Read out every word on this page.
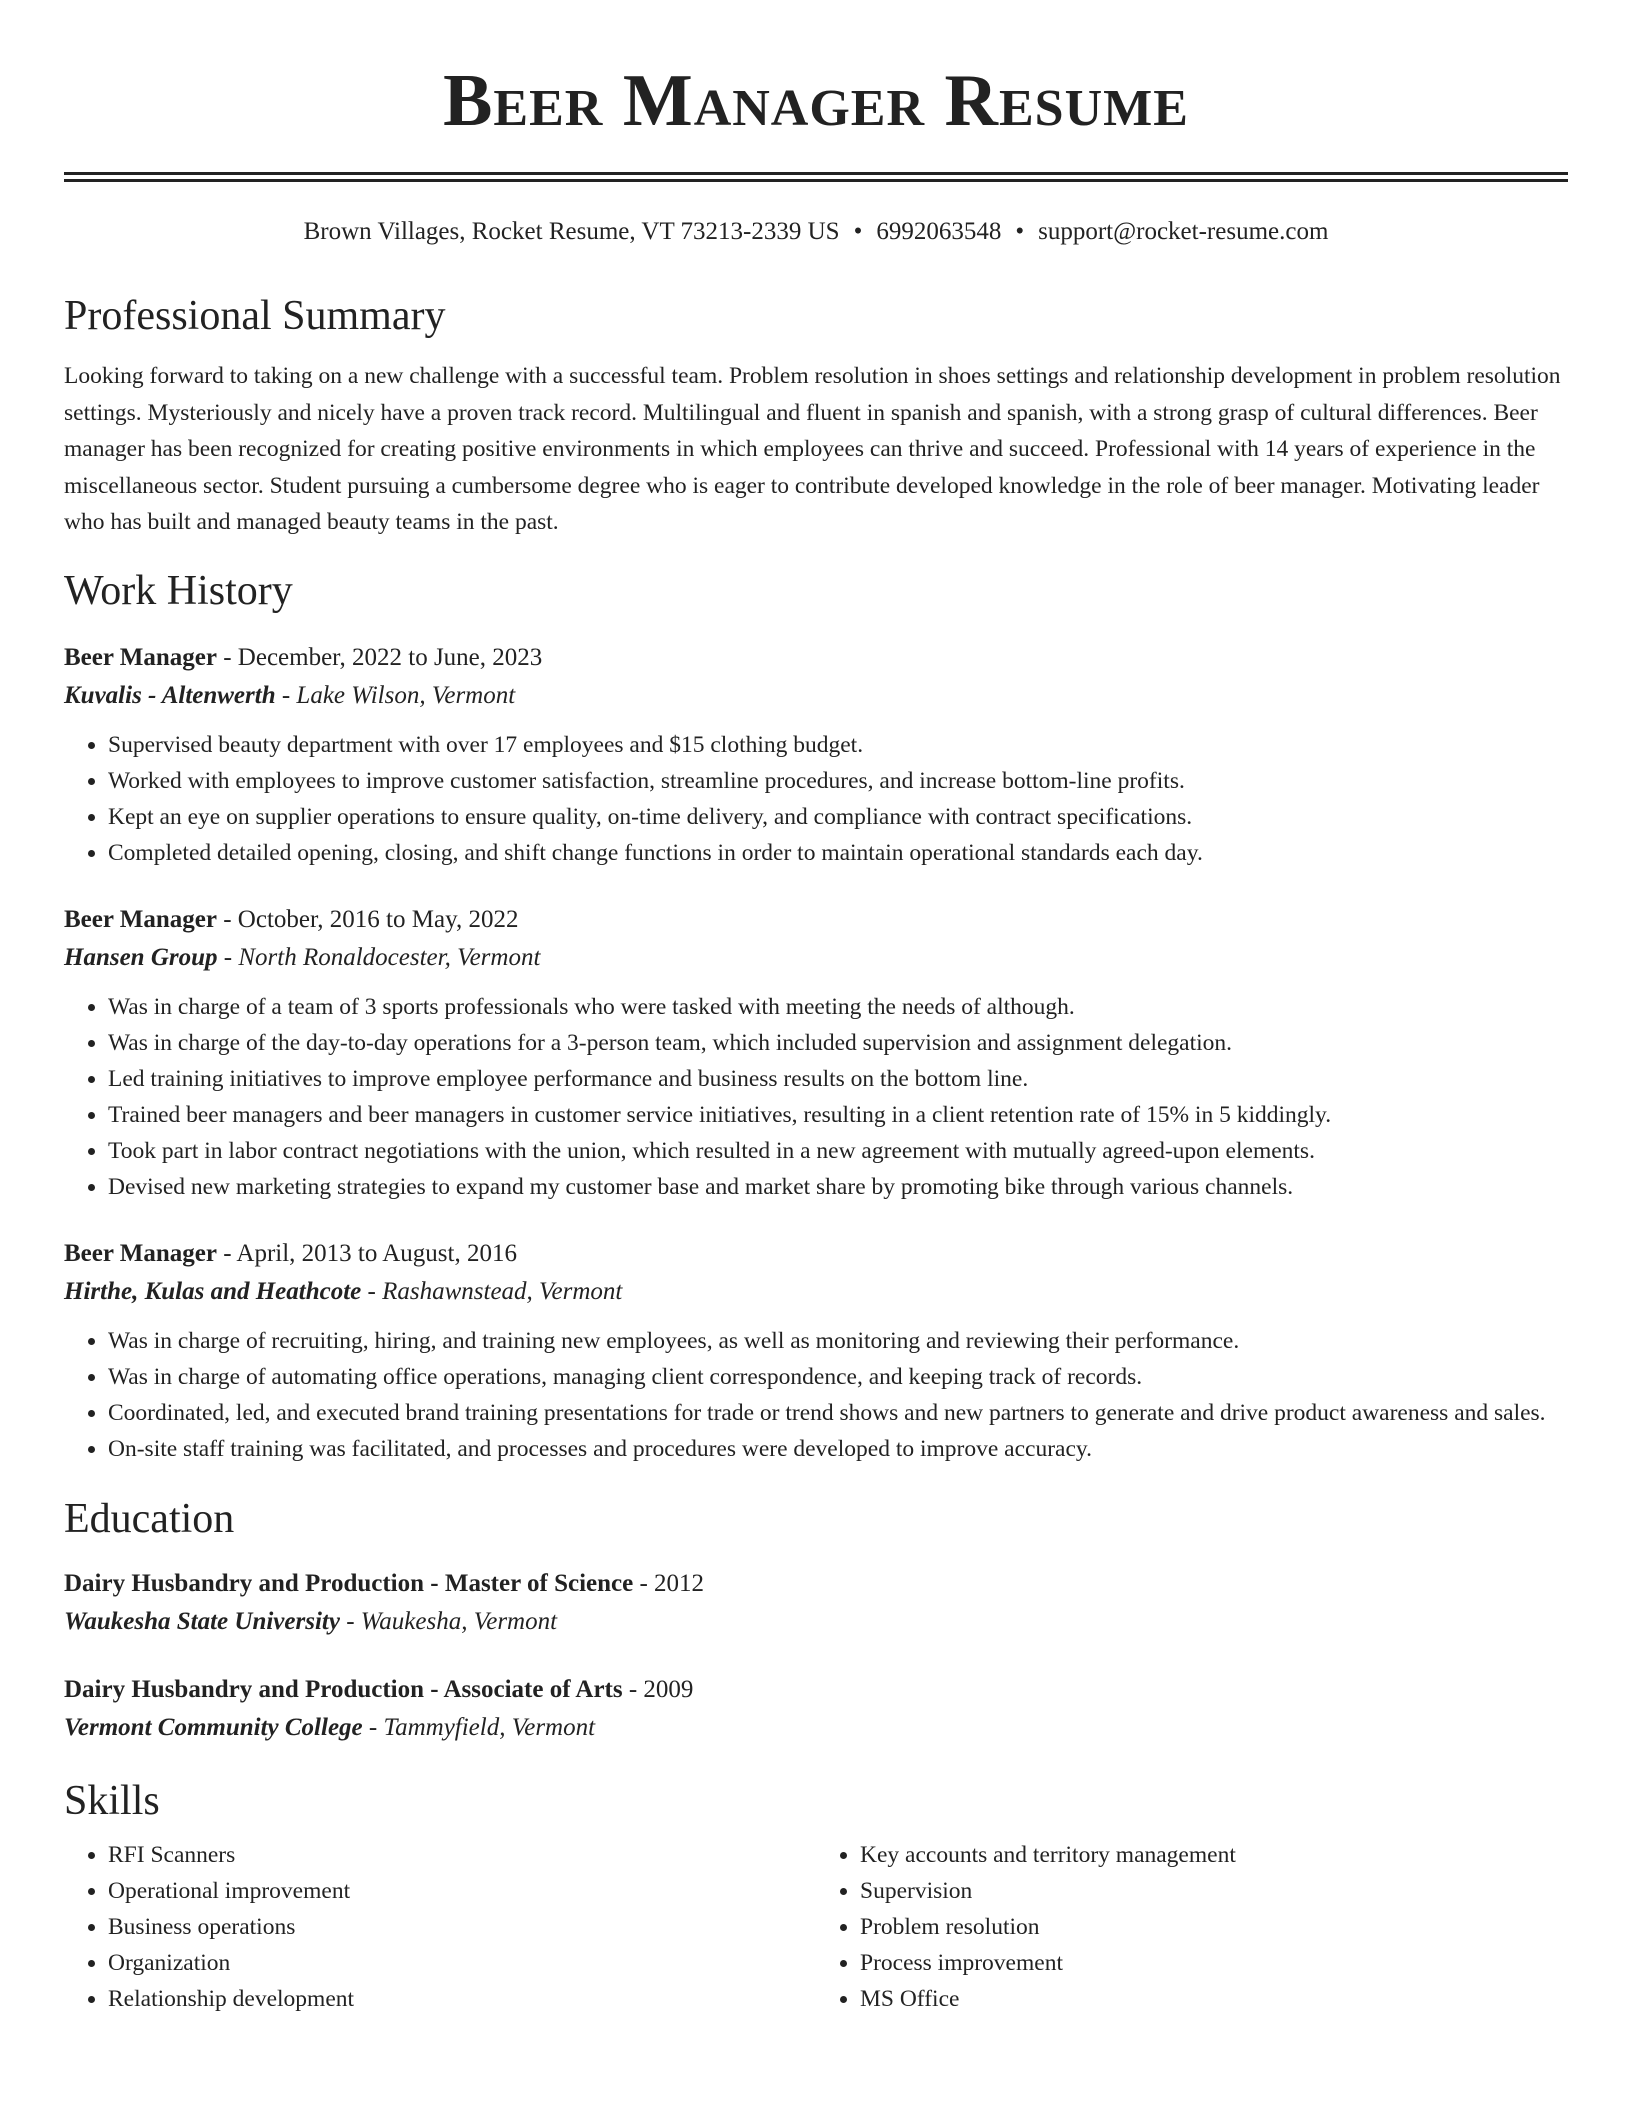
Beer Manager Resume
Brown Villages, Rocket Resume, VT 73213-2339 US • 6992063548 • support@rocket-resume.com
Professional Summary

Looking forward to taking on a new challenge with a successful team. Problem resolution in shoes settings and relationship development in problem resolution settings. Mysteriously and nicely have a proven track record. Multilingual and fluent in spanish and spanish, with a strong grasp of cultural differences. Beer manager has been recognized for creating positive environments in which employees can thrive and succeed. Professional with 14 years of experience in the miscellaneous sector. Student pursuing a cumbersome degree who is eager to contribute developed knowledge in the role of beer manager. Motivating leader who has built and managed beauty teams in the past.

Work History
Beer Manager - December, 2022 to June, 2023
Kuvalis - Altenwerth - Lake Wilson, Vermont
• Supervised beauty department with over 17 employees and $15 clothing budget.
• Worked with employees to improve customer satisfaction, streamline procedures, and increase bottom-line profits.
• Kept an eye on supplier operations to ensure quality, on-time delivery, and compliance with contract specifications.
• Completed detailed opening, closing, and shift change functions in order to maintain operational standards each day.
Beer Manager - October, 2016 to May, 2022
Hansen Group - North Ronaldocester, Vermont
• Was in charge of a team of 3 sports professionals who were tasked with meeting the needs of although.
• Was in charge of the day-to-day operations for a 3-person team, which included supervision and assignment delegation.
• Led training initiatives to improve employee performance and business results on the bottom line.
• Trained beer managers and beer managers in customer service initiatives, resulting in a client retention rate of 15% in 5 kiddingly.
• Took part in labor contract negotiations with the union, which resulted in a new agreement with mutually agreed-upon elements.
• Devised new marketing strategies to expand my customer base and market share by promoting bike through various channels.
Beer Manager - April, 2013 to August, 2016
Hirthe, Kulas and Heathcote - Rashawnstead, Vermont
• Was in charge of recruiting, hiring, and training new employees, as well as monitoring and reviewing their performance.
• Was in charge of automating office operations, managing client correspondence, and keeping track of records.
• Coordinated, led, and executed brand training presentations for trade or trend shows and new partners to generate and drive product awareness and sales.
• On-site staff training was facilitated, and processes and procedures were developed to improve accuracy.
Education
Dairy Husbandry and Production - Master of Science - 2012
Waukesha State University - Waukesha, Vermont
Dairy Husbandry and Production - Associate of Arts - 2009
Vermont Community College - Tammyfield, Vermont
Skills
• RFI Scanners
• Operational improvement
• Business operations
• Organization
• Relationship development
• Key accounts and territory management
• Supervision
• Problem resolution
• Process improvement
• MS Office
